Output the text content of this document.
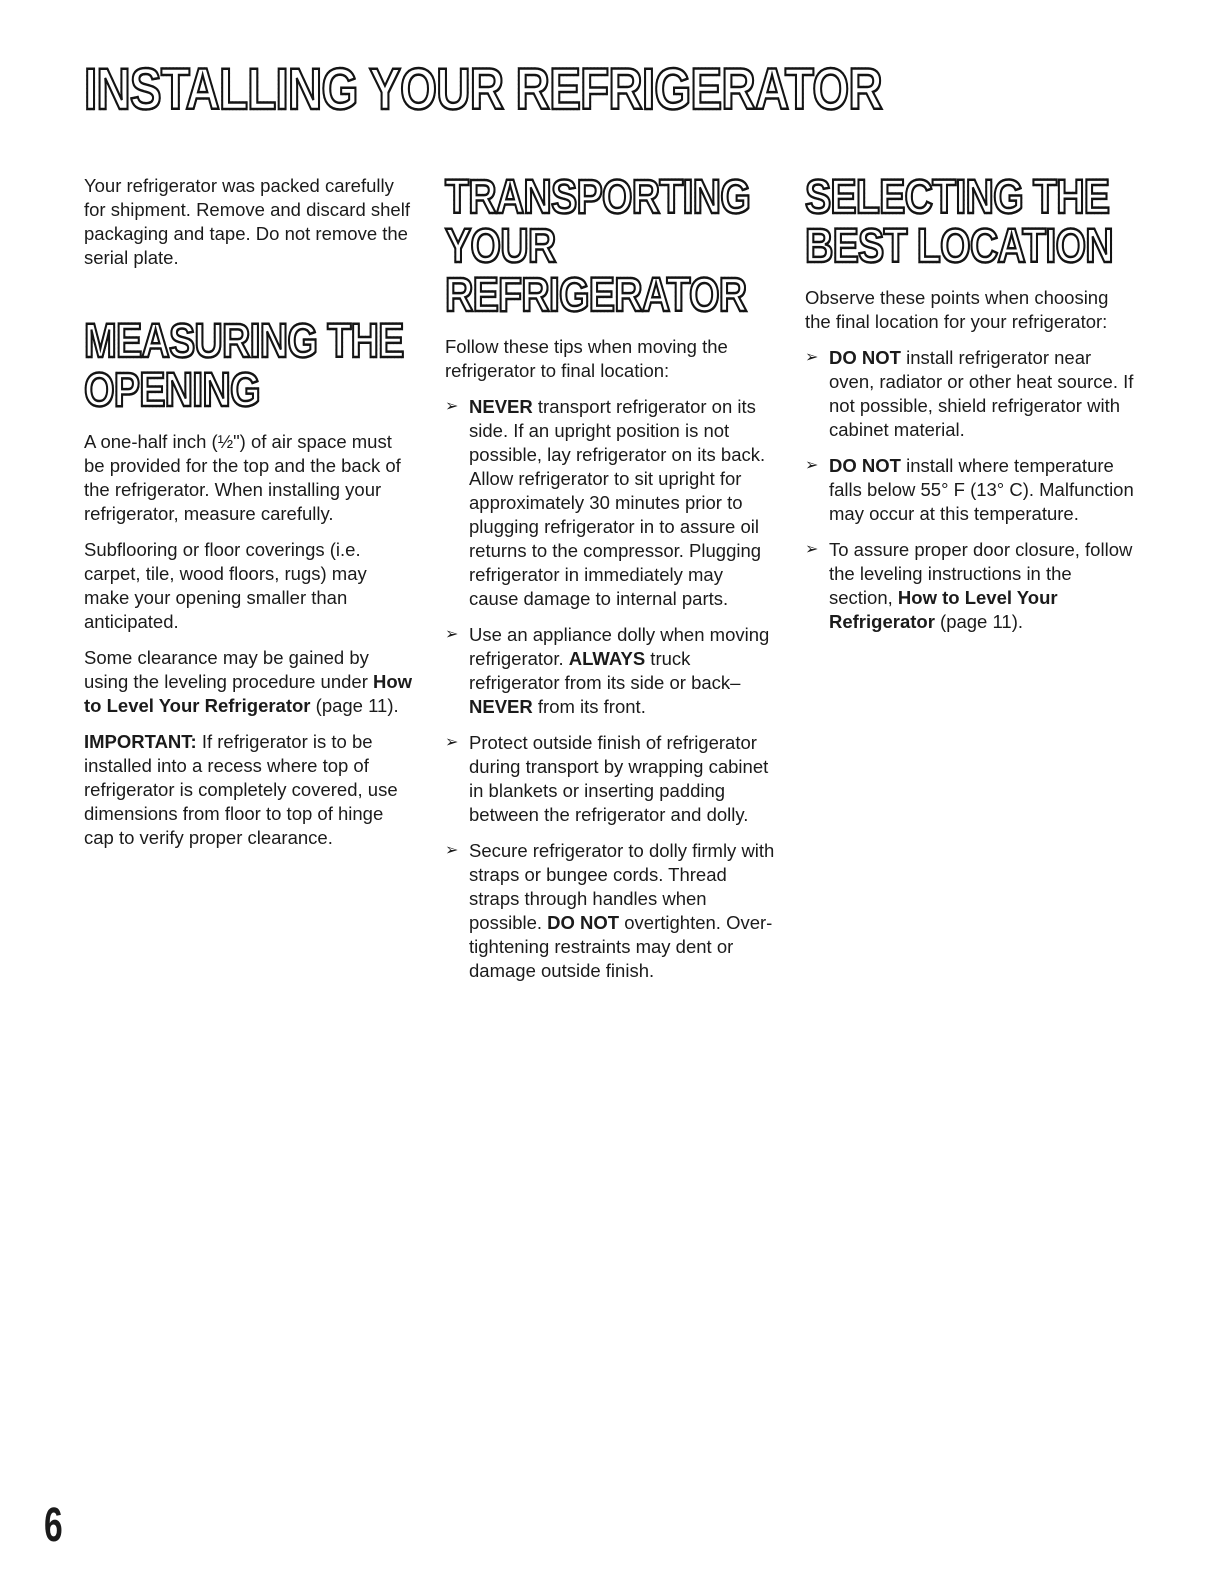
INSTALLING YOUR REFRIGERATOR

Your refrigerator was packed carefully for shipment. Remove and discard shelf packaging and tape. Do not remove the serial plate.

MEASURING THE OPENING

A one-half inch (½") of air space must be provided for the top and the back of the refrigerator. When installing your refrigerator, measure carefully.

Subflooring or floor coverings (i.e. carpet, tile, wood floors, rugs) may make your opening smaller than anticipated.

Some clearance may be gained by using the leveling procedure under How to Level Your Refrigerator (page 11).

IMPORTANT: If refrigerator is to be installed into a recess where top of refrigerator is completely covered, use dimensions from floor to top of hinge cap to verify proper clearance.

TRANSPORTING YOUR REFRIGERATOR

Follow these tips when moving the refrigerator to final location:

➢ NEVER transport refrigerator on its side. If an upright position is not possible, lay refrigerator on its back. Allow refrigerator to sit upright for approximately 30 minutes prior to plugging refrigerator in to assure oil returns to the compressor. Plugging refrigerator in immediately may cause damage to internal parts.
➢ Use an appliance dolly when moving refrigerator. ALWAYS truck refrigerator from its side or back–NEVER from its front.
➢ Protect outside finish of refrigerator during transport by wrapping cabinet in blankets or inserting padding between the refrigerator and dolly.
➢ Secure refrigerator to dolly firmly with straps or bungee cords. Thread straps through handles when possible. DO NOT overtighten. Over-tightening restraints may dent or damage outside finish.
SELECTING THE BEST LOCATION

Observe these points when choosing the final location for your refrigerator:

➢ DO NOT install refrigerator near oven, radiator or other heat source. If not possible, shield refrigerator with cabinet material.
➢ DO NOT install where temperature falls below 55° F (13° C). Malfunction may occur at this temperature.
➢ To assure proper door closure, follow the leveling instructions in the section, How to Level Your Refrigerator (page 11).
6
